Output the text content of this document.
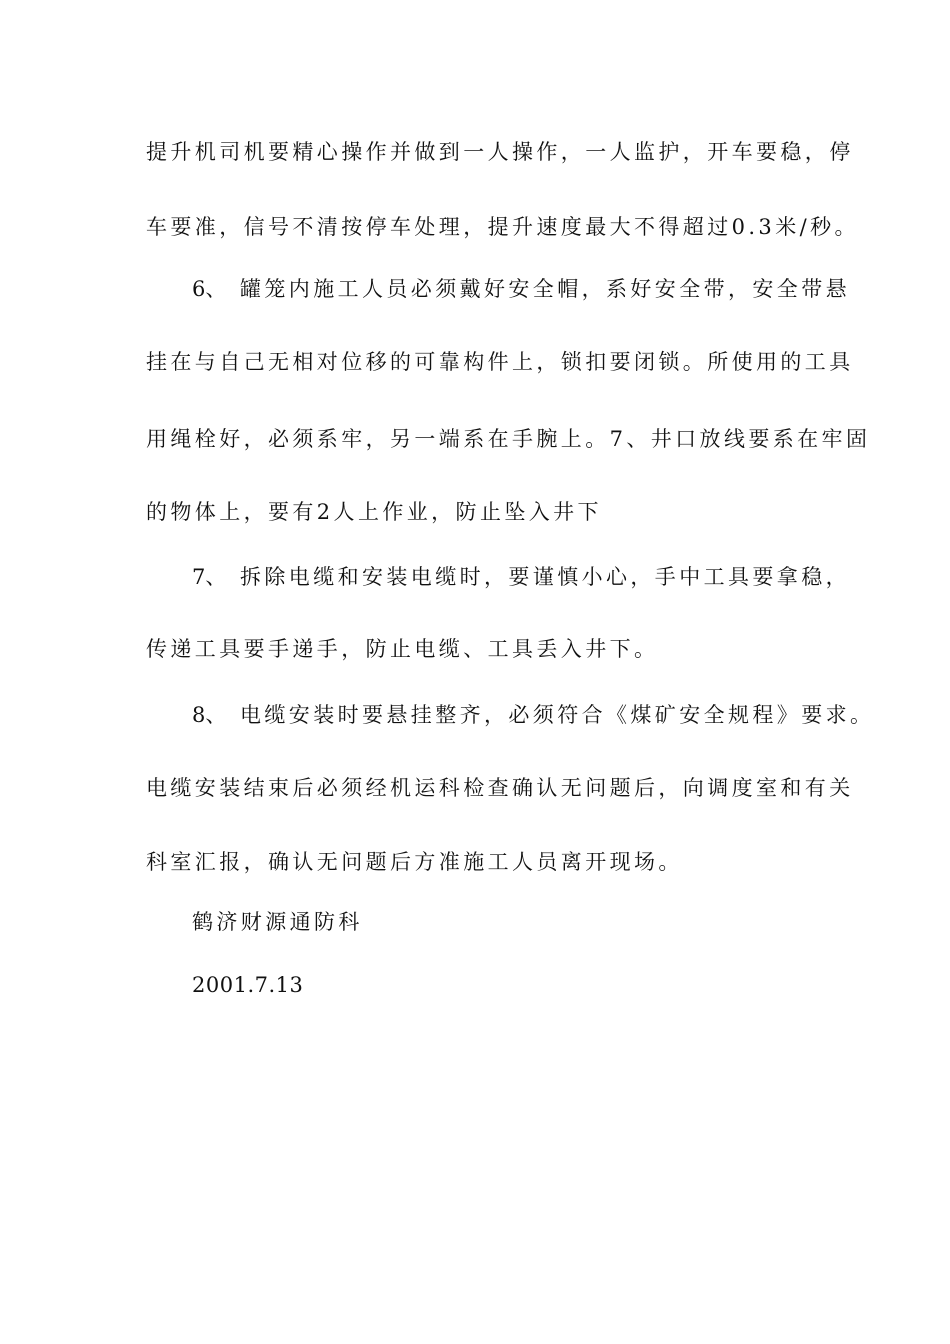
提升机司机要精心操作并做到一人操作，一人监护，开车要稳，停

车要准，信号不清按停车处理，提升速度最大不得超过0.3米/秒。

6、 罐笼内施工人员必须戴好安全帽，系好安全带，安全带悬

挂在与自己无相对位移的可靠构件上，锁扣要闭锁。所使用的工具

用绳栓好，必须系牢，另一端系在手腕上。7、井口放线要系在牢固

的物体上，要有2人上作业，防止坠入井下

7、 拆除电缆和安装电缆时，要谨慎小心，手中工具要拿稳，

传递工具要手递手，防止电缆、工具丢入井下。

8、 电缆安装时要悬挂整齐，必须符合《煤矿安全规程》要求。

电缆安装结束后必须经机运科检查确认无问题后，向调度室和有关

科室汇报，确认无问题后方准施工人员离开现场。

鹤济财源通防科

2001.7.13
